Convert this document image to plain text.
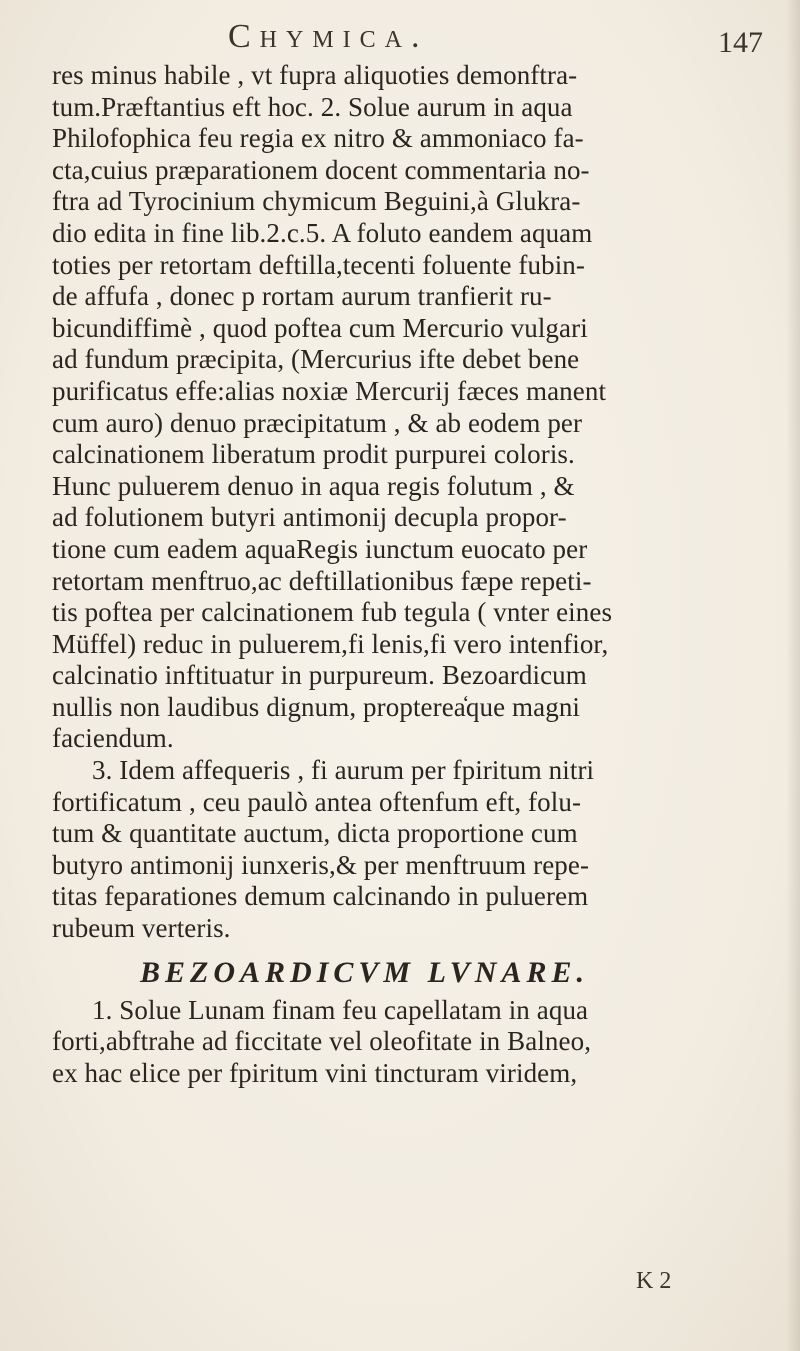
Chymica.	147
res minus habile , vt fupra aliquoties demonftra-
tum.Præftantius eft hoc. 2. Solue aurum in aqua
Philofophica feu regia ex nitro & ammoniaco fa-
cta,cuius præparationem docent commentaria no-
ftra ad Tyrocinium chymicum Beguini,à Glukra-
dio edita in fine lib.2.c.5. A foluto eandem aquam
toties per retortam deftilla,tecenti foluente fubin-
de affufa , donec p rortam aurum tranfierit ru-
bicundiffimè , quod poftea cum Mercurio vulgari
ad fundum præcipita, (Mercurius ifte debet bene
purificatus effe:alias noxiæ Mercurij fæces manent
cum auro) denuo præcipitatum , & ab eodem per
calcinationem liberatum prodit purpurei coloris.
Hunc puluerem denuo in aqua regis folutum , &
ad folutionem butyri antimonij decupla propor-
tione cum eadem aquaRegis iunctum euocato per
retortam menftruo,ac deftillationibus fæpe repeti-
tis poftea per calcinationem fub tegula ( vnter eines
Müffel) reduc in puluerem,fi lenis,fi vero intenfior,
calcinatio inftituatur in purpureum. Bezoardicum
nullis non laudibus dignum, propterea̒que magni
faciendum.
3. Idem affequeris , fi aurum per fpiritum nitri
fortificatum , ceu paulò antea oftenfum eft, folu-
tum & quantitate auctum, dicta proportione cum
butyro antimonij iunxeris,& per menftruum repe-
titas feparationes demum calcinando in puluerem
rubeum verteris.
BEZOARDICVM LVNARE.
1. Solue Lunam finam feu capellatam in aqua
forti,abftrahe ad ficcitate vel oleofitate in Balneo,
ex hac elice per fpiritum vini tincturam viridem,
K 2
